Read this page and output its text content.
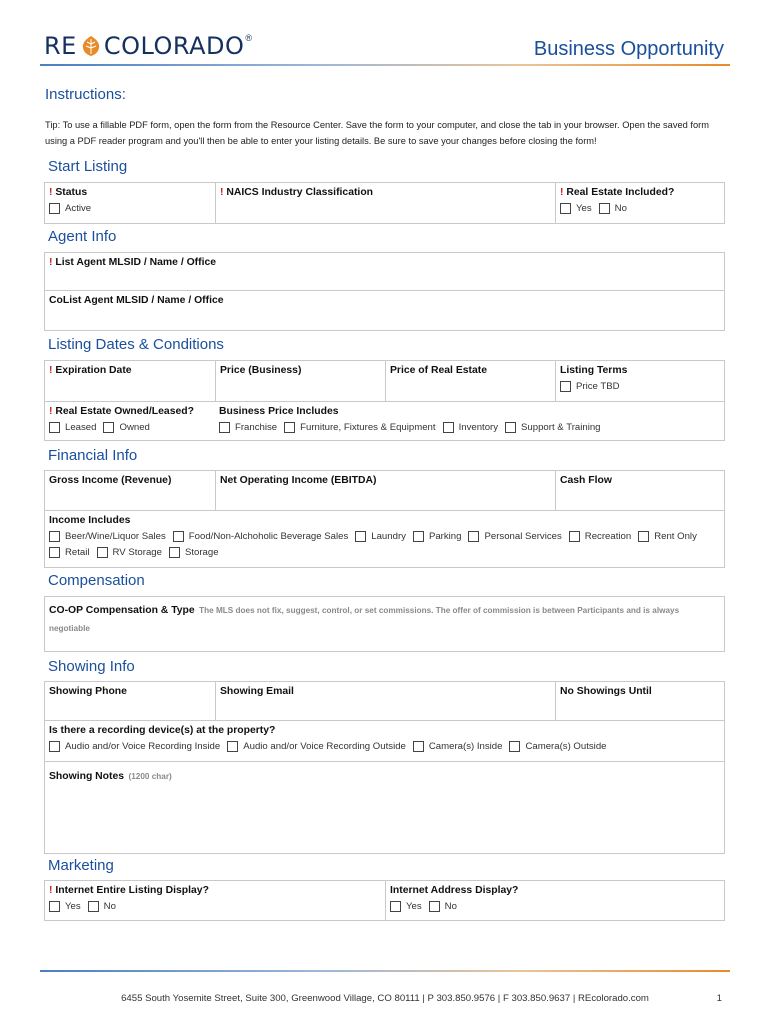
RE COLORADO ®	Business Opportunity
Instructions:
Tip: To use a fillable PDF form, open the form from the Resource Center. Save the form to your computer, and close the tab in your browser. Open the saved form using a PDF reader program and you'll then be able to enter your listing details. Be sure to save your changes before closing the form!
Start Listing
! Status
Active
! NAICS Industry Classification	! Real Estate Included?
Yes No
Agent Info
! List Agent MLSID / Name / Office
CoList Agent MLSID / Name / Office
Listing Dates & Conditions
! Expiration Date	Price (Business)	Price of Real Estate	Listing Terms
Price TBD
! Real Estate Owned/Leased?
Leased Owned
Business Price Includes
Franchise Furniture, Fixtures & Equipment Inventory Support & Training
Financial Info
Gross Income (Revenue)	Net Operating Income (EBITDA)	Cash Flow
Income Includes
Beer/Wine/Liquor Sales Food/Non-Alchoholic Beverage Sales Laundry Parking Personal Services Recreation Rent Only
Retail RV Storage Storage
Compensation
CO-OP Compensation & Type The MLS does not fix, suggest, control, or set commissions. The offer of commission is between Participants and is always negotiable
Showing Info
Showing Phone	Showing Email	No Showings Until
Is there a recording device(s) at the property?
Audio and/or Voice Recording Inside Audio and/or Voice Recording Outside Camera(s) Inside Camera(s) Outside
Showing Notes (1200 char)
Marketing
! Internet Entire Listing Display?
Yes No
Internet Address Display?
Yes No
6455 South Yosemite Street, Suite 300, Greenwood Village, CO 80111 | P 303.850.9576 | F 303.850.9637 | REcolorado.com	1
